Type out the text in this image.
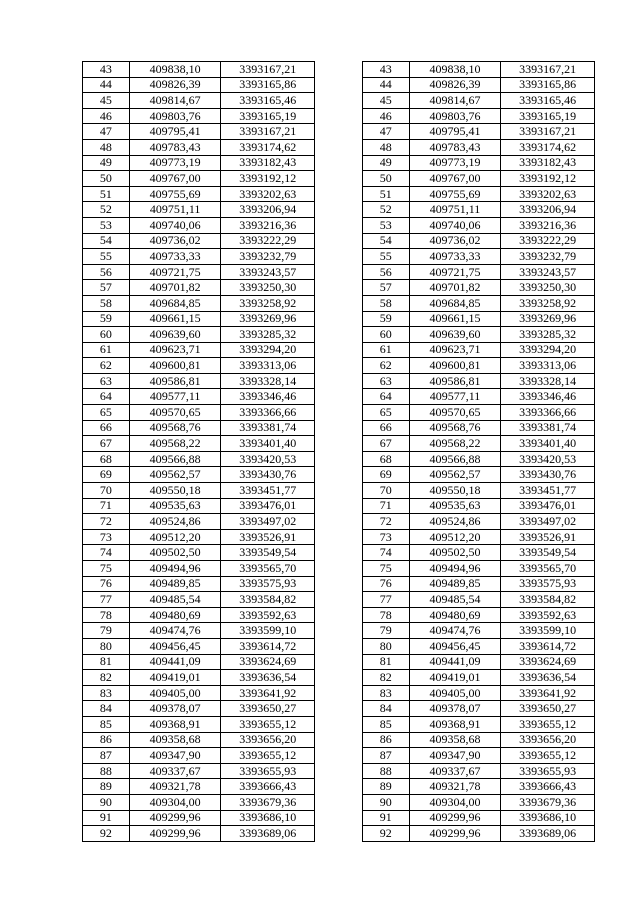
43	409838,10	3393167,21		43	409838,10	3393167,21
44	409826,39	3393165,86		44	409826,39	3393165,86
45	409814,67	3393165,46		45	409814,67	3393165,46
46	409803,76	3393165,19		46	409803,76	3393165,19
47	409795,41	3393167,21		47	409795,41	3393167,21
48	409783,43	3393174,62		48	409783,43	3393174,62
49	409773,19	3393182,43		49	409773,19	3393182,43
50	409767,00	3393192,12		50	409767,00	3393192,12
51	409755,69	3393202,63		51	409755,69	3393202,63
52	409751,11	3393206,94		52	409751,11	3393206,94
53	409740,06	3393216,36		53	409740,06	3393216,36
54	409736,02	3393222,29		54	409736,02	3393222,29
55	409733,33	3393232,79		55	409733,33	3393232,79
56	409721,75	3393243,57		56	409721,75	3393243,57
57	409701,82	3393250,30		57	409701,82	3393250,30
58	409684,85	3393258,92		58	409684,85	3393258,92
59	409661,15	3393269,96		59	409661,15	3393269,96
60	409639,60	3393285,32		60	409639,60	3393285,32
61	409623,71	3393294,20		61	409623,71	3393294,20
62	409600,81	3393313,06		62	409600,81	3393313,06
63	409586,81	3393328,14		63	409586,81	3393328,14
64	409577,11	3393346,46		64	409577,11	3393346,46
65	409570,65	3393366,66		65	409570,65	3393366,66
66	409568,76	3393381,74		66	409568,76	3393381,74
67	409568,22	3393401,40		67	409568,22	3393401,40
68	409566,88	3393420,53		68	409566,88	3393420,53
69	409562,57	3393430,76		69	409562,57	3393430,76
70	409550,18	3393451,77		70	409550,18	3393451,77
71	409535,63	3393476,01		71	409535,63	3393476,01
72	409524,86	3393497,02		72	409524,86	3393497,02
73	409512,20	3393526,91		73	409512,20	3393526,91
74	409502,50	3393549,54		74	409502,50	3393549,54
75	409494,96	3393565,70		75	409494,96	3393565,70
76	409489,85	3393575,93		76	409489,85	3393575,93
77	409485,54	3393584,82		77	409485,54	3393584,82
78	409480,69	3393592,63		78	409480,69	3393592,63
79	409474,76	3393599,10		79	409474,76	3393599,10
80	409456,45	3393614,72		80	409456,45	3393614,72
81	409441,09	3393624,69		81	409441,09	3393624,69
82	409419,01	3393636,54		82	409419,01	3393636,54
83	409405,00	3393641,92		83	409405,00	3393641,92
84	409378,07	3393650,27		84	409378,07	3393650,27
85	409368,91	3393655,12		85	409368,91	3393655,12
86	409358,68	3393656,20		86	409358,68	3393656,20
87	409347,90	3393655,12		87	409347,90	3393655,12
88	409337,67	3393655,93		88	409337,67	3393655,93
89	409321,78	3393666,43		89	409321,78	3393666,43
90	409304,00	3393679,36		90	409304,00	3393679,36
91	409299,96	3393686,10		91	409299,96	3393686,10
92	409299,96	3393689,06		92	409299,96	3393689,06
